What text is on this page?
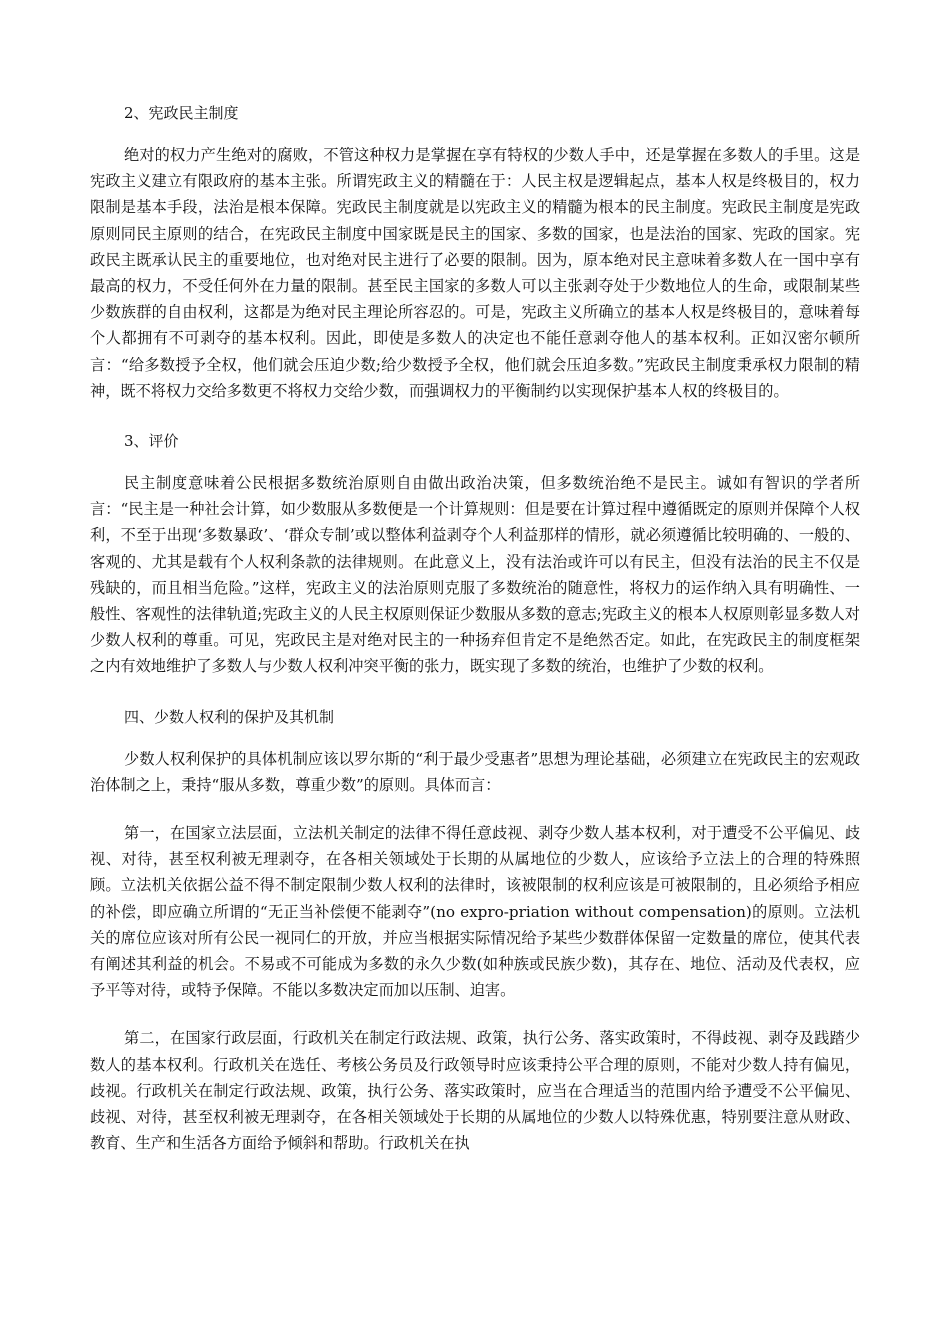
2、宪政民主制度

绝对的权力产生绝对的腐败，不管这种权力是掌握在享有特权的少数人手中，还是掌握在多数人的手里。这是宪政主义建立有限政府的基本主张。所谓宪政主义的精髓在于：人民主权是逻辑起点，基本人权是终极目的，权力限制是基本手段，法治是根本保障。宪政民主制度就是以宪政主义的精髓为根本的民主制度。宪政民主制度是宪政原则同民主原则的结合，在宪政民主制度中国家既是民主的国家、多数的国家，也是法治的国家、宪政的国家。宪政民主既承认民主的重要地位，也对绝对民主进行了必要的限制。因为，原本绝对民主意味着多数人在一国中享有最高的权力，不受任何外在力量的限制。甚至民主国家的多数人可以主张剥夺处于少数地位人的生命，或限制某些少数族群的自由权利，这都是为绝对民主理论所容忍的。可是，宪政主义所确立的基本人权是终极目的，意味着每个人都拥有不可剥夺的基本权利。因此，即使是多数人的决定也不能任意剥夺他人的基本权利。正如汉密尔顿所言：“给多数授予全权，他们就会压迫少数;给少数授予全权，他们就会压迫多数。”宪政民主制度秉承权力限制的精神，既不将权力交给多数更不将权力交给少数，而强调权力的平衡制约以实现保护基本人权的终极目的。

3、评价

民主制度意味着公民根据多数统治原则自由做出政治决策，但多数统治绝不是民主。诚如有智识的学者所言：“民主是一种社会计算，如少数服从多数便是一个计算规则：但是要在计算过程中遵循既定的原则并保障个人权利，不至于出现‘多数暴政’、‘群众专制’或以整体利益剥夺个人利益那样的情形，就必须遵循比较明确的、一般的、客观的、尤其是载有个人权利条款的法律规则。在此意义上，没有法治或许可以有民主，但没有法治的民主不仅是残缺的，而且相当危险。”这样，宪政主义的法治原则克服了多数统治的随意性，将权力的运作纳入具有明确性、一般性、客观性的法律轨道;宪政主义的人民主权原则保证少数服从多数的意志;宪政主义的根本人权原则彰显多数人对少数人权利的尊重。可见，宪政民主是对绝对民主的一种扬弃但肯定不是绝然否定。如此，在宪政民主的制度框架之内有效地维护了多数人与少数人权利冲突平衡的张力，既实现了多数的统治，也维护了少数的权利。

四、少数人权利的保护及其机制

少数人权利保护的具体机制应该以罗尔斯的“利于最少受惠者”思想为理论基础，必须建立在宪政民主的宏观政治体制之上，秉持“服从多数，尊重少数”的原则。具体而言：

第一，在国家立法层面，立法机关制定的法律不得任意歧视、剥夺少数人基本权利，对于遭受不公平偏见、歧视、对待，甚至权利被无理剥夺，在各相关领域处于长期的从属地位的少数人，应该给予立法上的合理的特殊照顾。立法机关依据公益不得不制定限制少数人权利的法律时，该被限制的权利应该是可被限制的，且必须给予相应的补偿，即应确立所谓的“无正当补偿便不能剥夺”(no expro-priation without compensation)的原则。立法机关的席位应该对所有公民一视同仁的开放，并应当根据实际情况给予某些少数群体保留一定数量的席位，使其代表有阐述其利益的机会。不易或不可能成为多数的永久少数(如种族或民族少数)，其存在、地位、活动及代表权，应予平等对待，或特予保障。不能以多数决定而加以压制、迫害。

第二，在国家行政层面，行政机关在制定行政法规、政策，执行公务、落实政策时，不得歧视、剥夺及践踏少数人的基本权利。行政机关在选任、考核公务员及行政领导时应该秉持公平合理的原则，不能对少数人持有偏见，歧视。行政机关在制定行政法规、政策，执行公务、落实政策时，应当在合理适当的范围内给予遭受不公平偏见、歧视、对待，甚至权利被无理剥夺，在各相关领域处于长期的从属地位的少数人以特殊优惠，特别要注意从财政、教育、生产和生活各方面给予倾斜和帮助。行政机关在执
